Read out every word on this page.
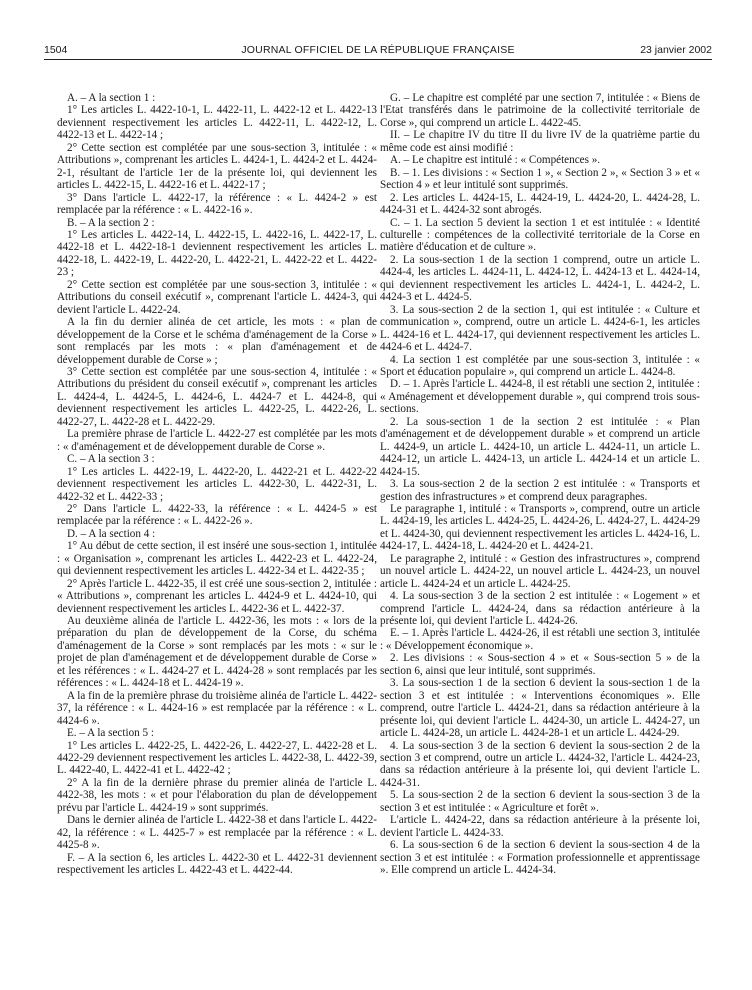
1504	JOURNAL OFFICIEL DE LA RÉPUBLIQUE FRANÇAISE	23 janvier 2002

A. – A la section 1 :

1° Les articles L. 4422-10-1, L. 4422-11, L. 4422-12 et L. 4422-13 deviennent respectivement les articles L. 4422-11, L. 4422-12, L. 4422-13 et L. 4422-14 ;

2° Cette section est complétée par une sous-section 3, intitulée : « Attributions », comprenant les articles L. 4424-1, L. 4424-2 et L. 4424-2-1, résultant de l'article 1er de la présente loi, qui deviennent les articles L. 4422-15, L. 4422-16 et L. 4422-17 ;

3° Dans l'article L. 4422-17, la référence : « L. 4424-2 » est remplacée par la référence : « L. 4422-16 ».

B. – A la section 2 :

1° Les articles L. 4422-14, L. 4422-15, L. 4422-16, L. 4422-17, L. 4422-18 et L. 4422-18-1 deviennent respectivement les articles L. 4422-18, L. 4422-19, L. 4422-20, L. 4422-21, L. 4422-22 et L. 4422-23 ;

2° Cette section est complétée par une sous-section 3, intitulée : « Attributions du conseil exécutif », comprenant l'article L. 4424-3, qui devient l'article L. 4422-24.

A la fin du dernier alinéa de cet article, les mots : « plan de développement de la Corse et le schéma d'aménagement de la Corse » sont remplacés par les mots : « plan d'aménagement et de développement durable de Corse » ;

3° Cette section est complétée par une sous-section 4, intitulée : « Attributions du président du conseil exécutif », comprenant les articles L. 4424-4, L. 4424-5, L. 4424-6, L. 4424-7 et L. 4424-8, qui deviennent respectivement les articles L. 4422-25, L. 4422-26, L. 4422-27, L. 4422-28 et L. 4422-29.

La première phrase de l'article L. 4422-27 est complétée par les mots : « d'aménagement et de développement durable de Corse ».

C. – A la section 3 :

1° Les articles L. 4422-19, L. 4422-20, L. 4422-21 et L. 4422-22 deviennent respectivement les articles L. 4422-30, L. 4422-31, L. 4422-32 et L. 4422-33 ;

2° Dans l'article L. 4422-33, la référence : « L. 4424-5 » est remplacée par la référence : « L. 4422-26 ».

D. – A la section 4 :

1° Au début de cette section, il est inséré une sous-section 1, intitulée : « Organisation », comprenant les articles L. 4422-23 et L. 4422-24, qui deviennent respectivement les articles L. 4422-34 et L. 4422-35 ;

2° Après l'article L. 4422-35, il est créé une sous-section 2, intitulée : « Attributions », comprenant les articles L. 4424-9 et L. 4424-10, qui deviennent respectivement les articles L. 4422-36 et L. 4422-37.

Au deuxième alinéa de l'article L. 4422-36, les mots : « lors de la préparation du plan de développement de la Corse, du schéma d'aménagement de la Corse » sont remplacés par les mots : « sur le projet de plan d'aménagement et de développement durable de Corse » et les références : « L. 4424-27 et L. 4424-28 » sont remplacés par les références : « L. 4424-18 et L. 4424-19 ».

A la fin de la première phrase du troisième alinéa de l'article L. 4422-37, la référence : « L. 4424-16 » est remplacée par la référence : « L. 4424-6 ».

E. – A la section 5 :

1° Les articles L. 4422-25, L. 4422-26, L. 4422-27, L. 4422-28 et L. 4422-29 deviennent respectivement les articles L. 4422-38, L. 4422-39, L. 4422-40, L. 4422-41 et L. 4422-42 ;

2° A la fin de la dernière phrase du premier alinéa de l'article L. 4422-38, les mots : « et pour l'élaboration du plan de développement prévu par l'article L. 4424-19 » sont supprimés.

Dans le dernier alinéa de l'article L. 4422-38 et dans l'article L. 4422-42, la référence : « L. 4425-7 » est remplacée par la référence : « L. 4425-8 ».

F. – A la section 6, les articles L. 4422-30 et L. 4422-31 deviennent respectivement les articles L. 4422-43 et L. 4422-44.

G. – Le chapitre est complété par une section 7, intitulée : « Biens de l'Etat transférés dans le patrimoine de la collectivité territoriale de Corse », qui comprend un article L. 4422-45.

II. – Le chapitre IV du titre II du livre IV de la quatrième partie du même code est ainsi modifié :

A. – Le chapitre est intitulé : « Compétences ».

B. – 1. Les divisions : « Section 1 », « Section 2 », « Section 3 » et « Section 4 » et leur intitulé sont supprimés.

2. Les articles L. 4424-15, L. 4424-19, L. 4424-20, L. 4424-28, L. 4424-31 et L. 4424-32 sont abrogés.

C. – 1. La section 5 devient la section 1 et est intitulée : « Identité culturelle : compétences de la collectivité territoriale de la Corse en matière d'éducation et de culture ».

2. La sous-section 1 de la section 1 comprend, outre un article L. 4424-4, les articles L. 4424-11, L. 4424-12, L. 4424-13 et L. 4424-14, qui deviennent respectivement les articles L. 4424-1, L. 4424-2, L. 4424-3 et L. 4424-5.

3. La sous-section 2 de la section 1, qui est intitulée : « Culture et communication », comprend, outre un article L. 4424-6-1, les articles L. 4424-16 et L. 4424-17, qui deviennent respectivement les articles L. 4424-6 et L. 4424-7.

4. La section 1 est complétée par une sous-section 3, intitulée : « Sport et éducation populaire », qui comprend un article L. 4424-8.

D. – 1. Après l'article L. 4424-8, il est rétabli une section 2, intitulée : « Aménagement et développement durable », qui comprend trois sous-sections.

2. La sous-section 1 de la section 2 est intitulée : « Plan d'aménagement et de développement durable » et comprend un article L. 4424-9, un article L. 4424-10, un article L. 4424-11, un article L. 4424-12, un article L. 4424-13, un article L. 4424-14 et un article L. 4424-15.

3. La sous-section 2 de la section 2 est intitulée : « Transports et gestion des infrastructures » et comprend deux paragraphes.

Le paragraphe 1, intitulé : « Transports », comprend, outre un article L. 4424-19, les articles L. 4424-25, L. 4424-26, L. 4424-27, L. 4424-29 et L. 4424-30, qui deviennent respectivement les articles L. 4424-16, L. 4424-17, L. 4424-18, L. 4424-20 et L. 4424-21.

Le paragraphe 2, intitulé : « Gestion des infrastructures », comprend un nouvel article L. 4424-22, un nouvel article L. 4424-23, un nouvel article L. 4424-24 et un article L. 4424-25.

4. La sous-section 3 de la section 2 est intitulée : « Logement » et comprend l'article L. 4424-24, dans sa rédaction antérieure à la présente loi, qui devient l'article L. 4424-26.

E. – 1. Après l'article L. 4424-26, il est rétabli une section 3, intitulée : « Développement économique ».

2. Les divisions : « Sous-section 4 » et « Sous-section 5 » de la section 6, ainsi que leur intitulé, sont supprimés.

3. La sous-section 1 de la section 6 devient la sous-section 1 de la section 3 et est intitulée : « Interventions économiques ». Elle comprend, outre l'article L. 4424-21, dans sa rédaction antérieure à la présente loi, qui devient l'article L. 4424-30, un article L. 4424-27, un article L. 4424-28, un article L. 4424-28-1 et un article L. 4424-29.

4. La sous-section 3 de la section 6 devient la sous-section 2 de la section 3 et comprend, outre un article L. 4424-32, l'article L. 4424-23, dans sa rédaction antérieure à la présente loi, qui devient l'article L. 4424-31.

5. La sous-section 2 de la section 6 devient la sous-section 3 de la section 3 et est intitulée : « Agriculture et forêt ».

L'article L. 4424-22, dans sa rédaction antérieure à la présente loi, devient l'article L. 4424-33.

6. La sous-section 6 de la section 6 devient la sous-section 4 de la section 3 et est intitulée : « Formation professionnelle et apprentissage ». Elle comprend un article L. 4424-34.
